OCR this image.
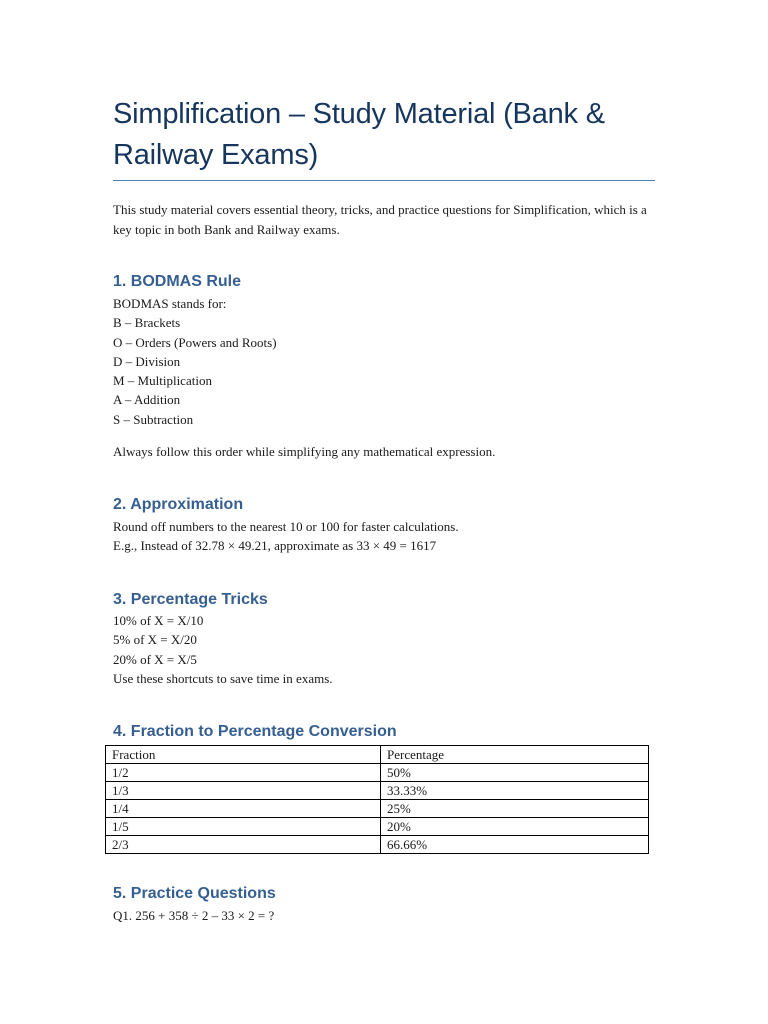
Simplification – Study Material (Bank & Railway Exams)

This study material covers essential theory, tricks, and practice questions for Simplification, which is a key topic in both Bank and Railway exams.

1. BODMAS Rule
BODMAS stands for:
B – Brackets
O – Orders (Powers and Roots)
D – Division
M – Multiplication
A – Addition
S – Subtraction

Always follow this order while simplifying any mathematical expression.

2. Approximation
Round off numbers to the nearest 10 or 100 for faster calculations.
E.g., Instead of 32.78 × 49.21, approximate as 33 × 49 = 1617
3. Percentage Tricks
10% of X = X/10
5% of X = X/20
20% of X = X/5
Use these shortcuts to save time in exams.
4. Fraction to Percentage Conversion
Fraction	Percentage
1/2	50%
1/3	33.33%
1/4	25%
1/5	20%
2/3	66.66%
5. Practice Questions
Q1. 256 + 358 ÷ 2 – 33 × 2 = ?
